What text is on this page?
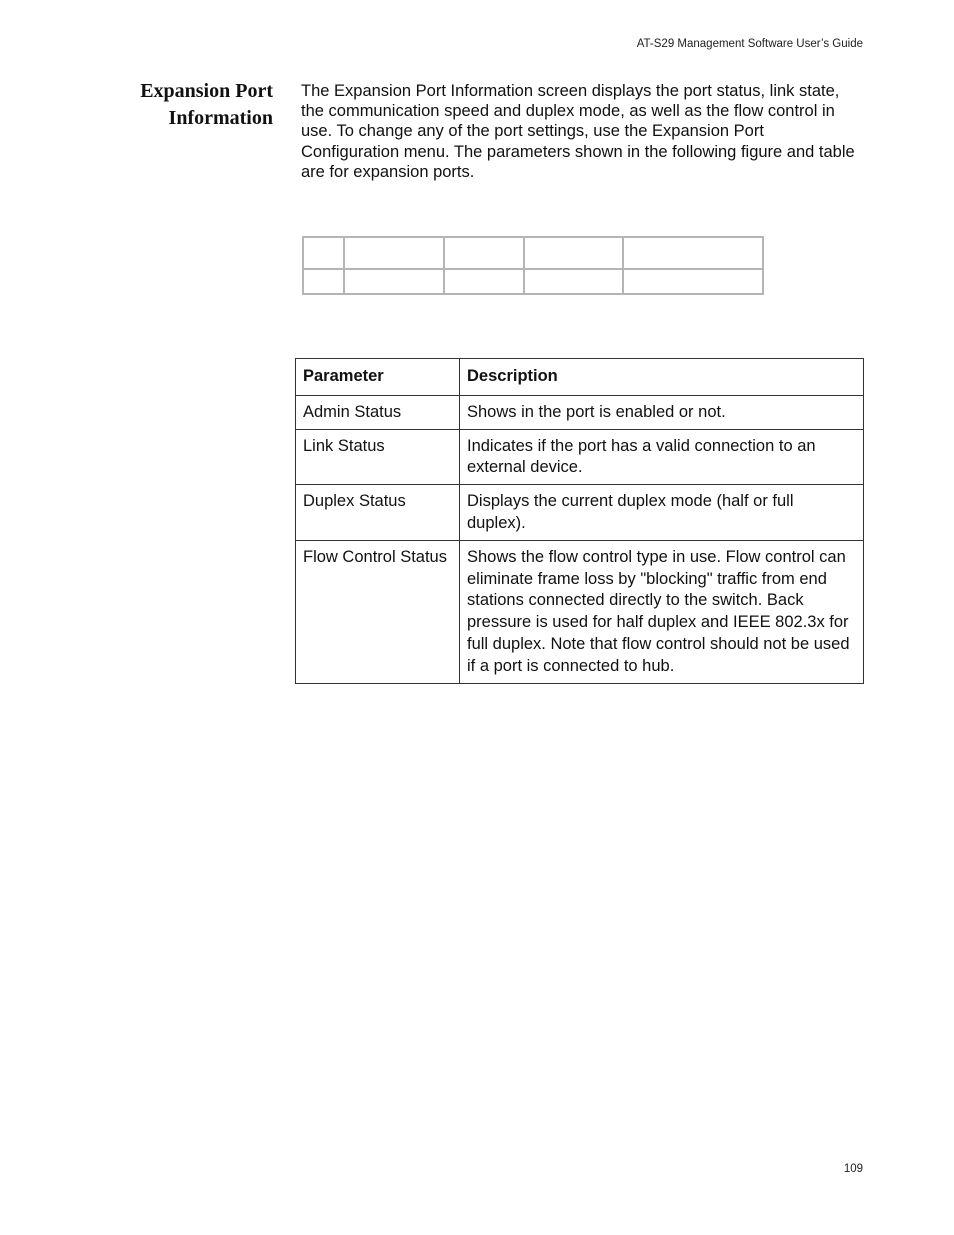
AT-S29 Management Software User’s Guide
Expansion Port
Information
The Expansion Port Information screen displays the port status, link state, the communication speed and duplex mode, as well as the flow control in use. To change any of the port settings, use the Expansion Port Configuration menu. The parameters shown in the following figure and table are for expansion ports.
Parameter	Description
Admin Status	Shows in the port is enabled or not.
Link Status	Indicates if the port has a valid connection to an external device.
Duplex Status	Displays the current duplex mode (half or full duplex).
Flow Control Status	Shows the flow control type in use. Flow control can eliminate frame loss by "blocking" traffic from end stations connected directly to the switch. Back pressure is used for half duplex and IEEE 802.3x for full duplex. Note that flow control should not be used if a port is connected to hub.
109
